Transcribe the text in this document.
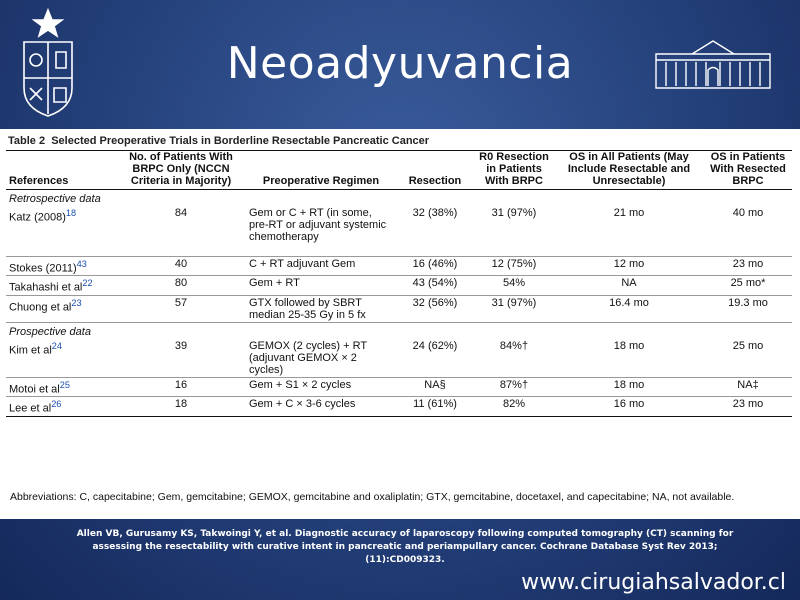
Neoadyuvancia
Table 2 Selected Preoperative Trials in Borderline Resectable Pancreatic Cancer
References	No. of Patients With BRPC Only (NCCN Criteria in Majority)	Preoperative Regimen	Resection	R0 Resection in Patients With BRPC	OS in All Patients (May Include Resectable and Unresectable)	OS in Patients With Resected BRPC
Retrospective data						
Katz $(2008)^{18}$	84	Gem or C + RT (in some, pre-RT or adjuvant systemic chemotherapy	32 (38%)	31 (97%)	21 mo	40 mo
Stokes $(2011)^{43}$	40	C + RT adjuvant Gem	16 (46%)	12 (75%)	12 mo	23 mo
Takahashi et $al^{22}$	80	Gem + RT	43 (54%)	54%	NA	25 mo*
Chuong et $al^{23}$	57	GTX followed by SBRT median 25-35 Gy in 5 fx	32 (56%)	31 (97%)	16.4 mo	19.3 mo
Prospective data						
Kim et $al^{24}$	39	GEMOX (2 cycles) + RT (adjuvant GEMOX × 2 cycles)	24 (62%)	84%†	18 mo	25 mo
Motoi et $al^{25}$	16	Gem + S1 × 2 cycles	NA§	87%†	18 mo	NA‡
Lee et $al^{26}$	18	Gem + C × 3-6 cycles	11 (61%)	82%	16 mo	23 mo
Abbreviations: C, capecitabine; Gem, gemcitabine; GEMOX, gemcitabine and oxaliplatin; GTX, gemcitabine, docetaxel, and capecitabine; NA, not available.
Allen VB, Gurusamy KS, Takwoingi Y, et al. Diagnostic accuracy of laparoscopy following computed tomography (CT) scanning for assessing the resectability with curative intent in pancreatic and periampullary cancer. Cochrane Database Syst Rev 2013;(11):CD009323.
www.cirugiahsalvador.cl
